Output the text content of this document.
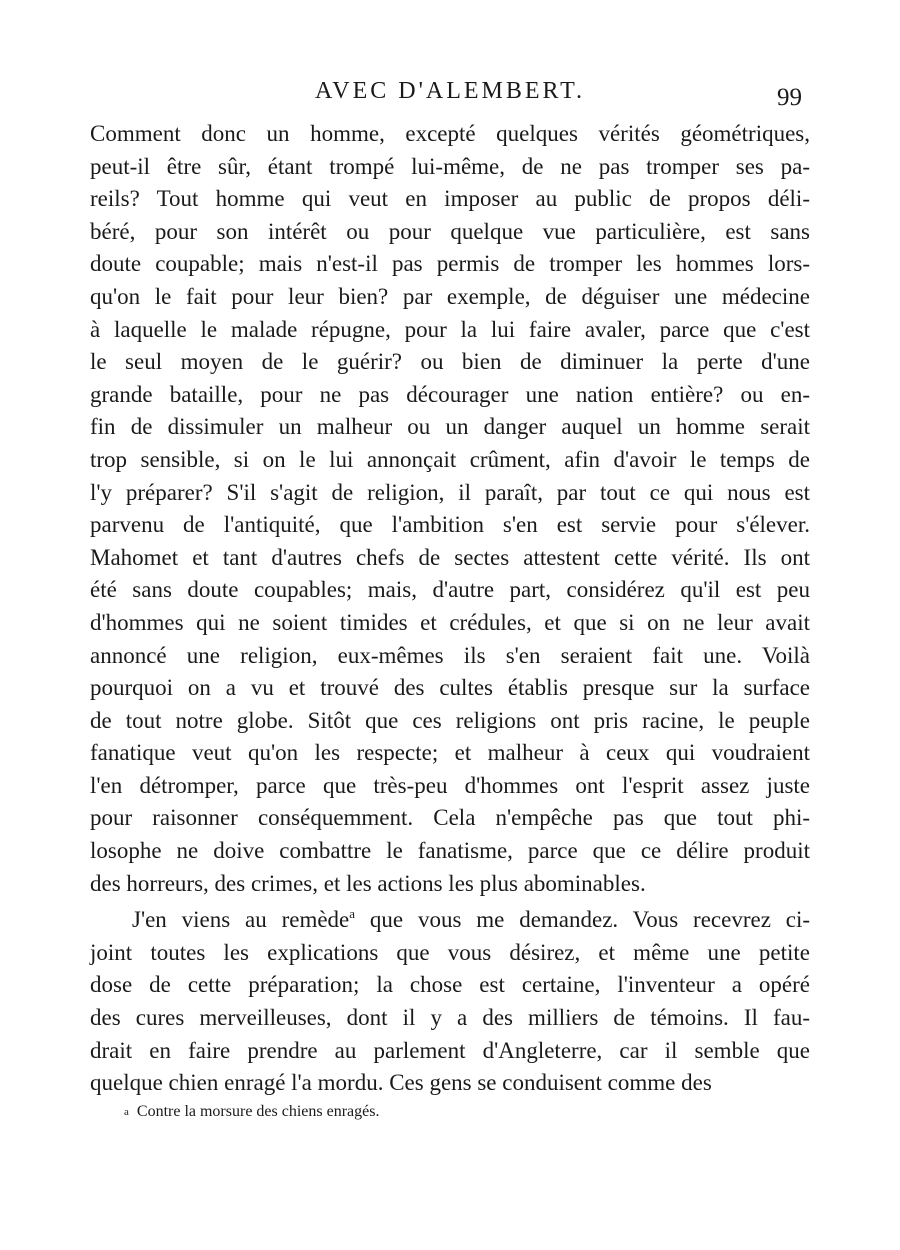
AVEC D'ALEMBERT.	99
Comment donc un homme, excepté quelques vérités géométriques,
peut-il être sûr, étant trompé lui-même, de ne pas tromper ses pa-
reils? Tout homme qui veut en imposer au public de propos déli-
béré, pour son intérêt ou pour quelque vue particulière, est sans
doute coupable; mais n'est-il pas permis de tromper les hommes lors-
qu'on le fait pour leur bien? par exemple, de déguiser une médecine
à laquelle le malade répugne, pour la lui faire avaler, parce que c'est
le seul moyen de le guérir? ou bien de diminuer la perte d'une
grande bataille, pour ne pas décourager une nation entière? ou en-
fin de dissimuler un malheur ou un danger auquel un homme serait
trop sensible, si on le lui annonçait crûment, afin d'avoir le temps de
l'y préparer? S'il s'agit de religion, il paraît, par tout ce qui nous est
parvenu de l'antiquité, que l'ambition s'en est servie pour s'élever.
Mahomet et tant d'autres chefs de sectes attestent cette vérité. Ils ont
été sans doute coupables; mais, d'autre part, considérez qu'il est peu
d'hommes qui ne soient timides et crédules, et que si on ne leur avait
annoncé une religion, eux-mêmes ils s'en seraient fait une. Voilà
pourquoi on a vu et trouvé des cultes établis presque sur la surface
de tout notre globe. Sitôt que ces religions ont pris racine, le peuple
fanatique veut qu'on les respecte; et malheur à ceux qui voudraient
l'en détromper, parce que très-peu d'hommes ont l'esprit assez juste
pour raisonner conséquemment. Cela n'empêche pas que tout phi-
losophe ne doive combattre le fanatisme, parce que ce délire produit
des horreurs, des crimes, et les actions les plus abominables.
J'en viens au remède$^a$ que vous me demandez. Vous recevrez ci-
joint toutes les explications que vous désirez, et même une petite
dose de cette préparation; la chose est certaine, l'inventeur a opéré
des cures merveilleuses, dont il y a des milliers de témoins. Il fau-
drait en faire prendre au parlement d'Angleterre, car il semble que
quelque chien enragé l'a mordu. Ces gens se conduisent comme des
a Contre la morsure des chiens enragés.
